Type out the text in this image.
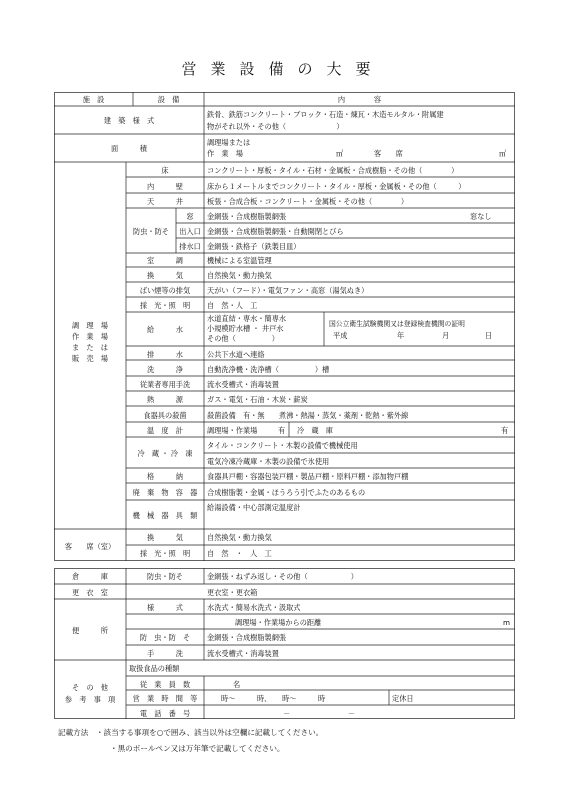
営業設備の大要
施　設	設　備	内　　　　容
建　築　様　式
鉄骨、鉄筋コンクリート・ブロック・石造・煉瓦・木造モルタル・附属建
物がそれ以外・その他（　　　　　　　）
面　　　積
調理場または
作　業　場	㎡	客　　席	㎡
調　理　場
作　業　場
ま　た　は
販　売　場
床	コンクリート・厚板・タイル・石材・金属板・合成樹脂・その他（　　　　）
内　　　壁	床から１メートルまでコンクリート・タイル・厚板・金属板・その他（　　　）
天　　　井	板張・合成合板・コンクリート・金属板・その他（　　　　）
防虫・防そ
窓	金網張・合成樹脂製網張	窓なし
出入口 金網張・合成樹脂製網張・自動開閉とびら
排水口 金網張・鉄格子（鉄製目皿）
室　　　調	機械による室温管理
換　　　気	自然換気・動力換気
ばい煙等の排気	天がい（フード）・電気ファン・高窓（湯気ぬき）
採　光・照　明	自　然・人　工
給　　　水
水道直結・専水・簡専水
小規模貯水槽 ・ 井戸水
その他（　　　　　）
国公立衛生試験機関又は登録検査機関の証明
平成	年	月	日
排　　　水	公共下水道へ連絡
洗　　　浄	自動洗浄機・洗浄槽（　　　　　）槽
従業者専用手洗	流水受槽式・消毒装置
熱　　　源	ガス・電気・石油・木炭・薪炭
食器具の殺菌	殺菌設備　有・無　　煮沸・熱湯・蒸気・薬剤・乾熱・紫外線
温　度　計	調理場・作業場	有	冷　蔵　庫	有
冷　蔵 ・ 冷　凍
タイル・コンクリート・木製の設備で機械使用
電気冷凍冷蔵庫・木製の設備で氷使用
格　　　納	食器具戸棚・容器包装戸棚・製品戸棚・原料戸棚・添加物戸棚
廃　棄　物　容　器	合成樹脂製・金属・ほうろう引でふたのあるもの
機　械　器　具　類
給湯設備・中心部測定温度計
客　　席（室）
換　　　気	自然換気・動力換気
採　光・照　明	自　然　・　人　工
倉　　　庫	防虫・防そ	金網張・ねずみ返し・その他（　　　　　　）
更　衣　室	更衣室・更衣箱
便　　　所
様　　　式	水洗式・簡易水洗式・汲取式
調理場・作業場からの距離	m
防　虫・防　そ	金網張・合成樹脂製網張
手　　　洗	流水受槽式・消毒装置
そ　の　他
参　考　事　項
取扱食品の種類
従　業　員　数	名
営　業　時　間　等	時〜　　　時、　　時〜　　　時	定休日
電　話　番　号	－　　　　　　　　－
記載方法　・該当する事項を○で囲み、該当以外は空欄に記載してください。
・黒のボールペン又は万年筆で記載してください。
